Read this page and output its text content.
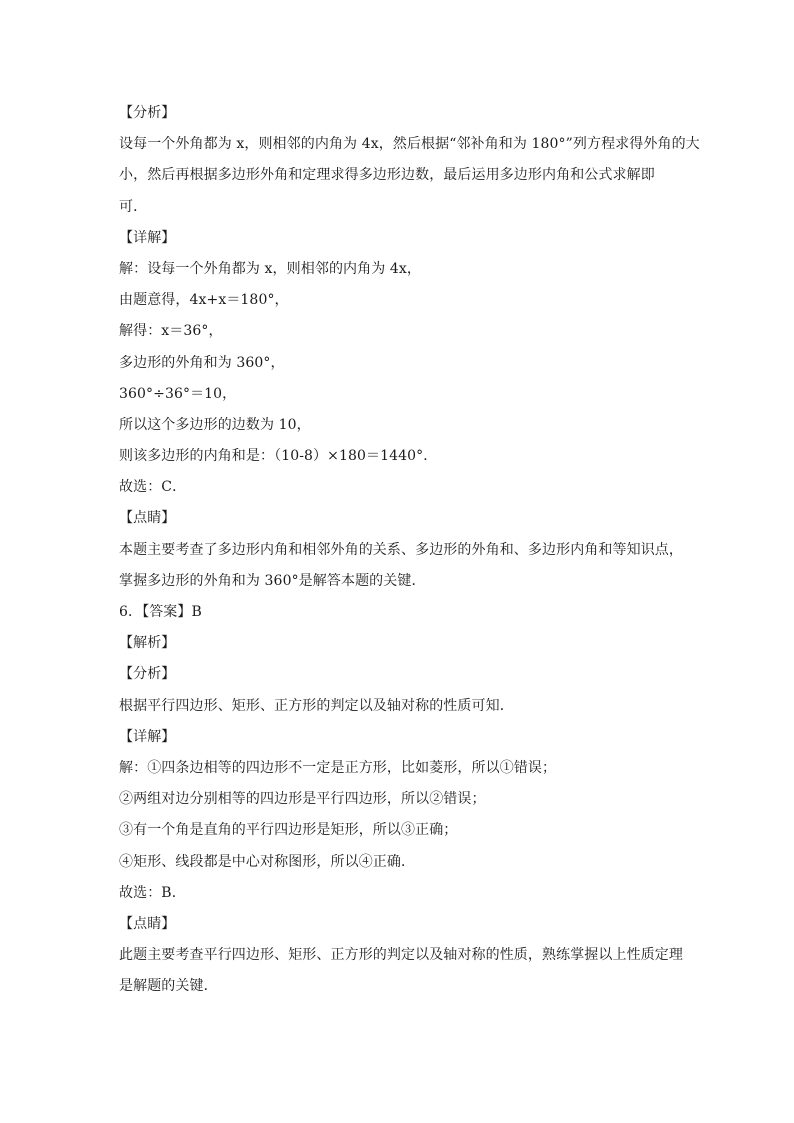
【分析】
设每一个外角都为 x，则相邻的内角为 4x，然后根据“邻补角和为 180°”列方程求得外角的大
小，然后再根据多边形外角和定理求得多边形边数，最后运用多边形内角和公式求解即
可．
【详解】
解：设每一个外角都为 x，则相邻的内角为 4x，
由题意得，4x+x＝180°，
解得：x＝36°，
多边形的外角和为 360°，
360°÷36°＝10，
所以这个多边形的边数为 10，
则该多边形的内角和是：（10-8）×180＝1440°．
故选：C．
【点睛】
本题主要考查了多边形内角和相邻外角的关系、多边形的外角和、多边形内角和等知识点，
掌握多边形的外角和为 360°是解答本题的关键．
6．【答案】B
【解析】
【分析】
根据平行四边形、矩形、正方形的判定以及轴对称的性质可知．
【详解】
解：①四条边相等的四边形不一定是正方形，比如菱形，所以①错误；
②两组对边分别相等的四边形是平行四边形，所以②错误；
③有一个角是直角的平行四边形是矩形，所以③正确；
④矩形、线段都是中心对称图形，所以④正确．
故选：B．
【点睛】
此题主要考查平行四边形、矩形、正方形的判定以及轴对称的性质，熟练掌握以上性质定理
是解题的关键．
